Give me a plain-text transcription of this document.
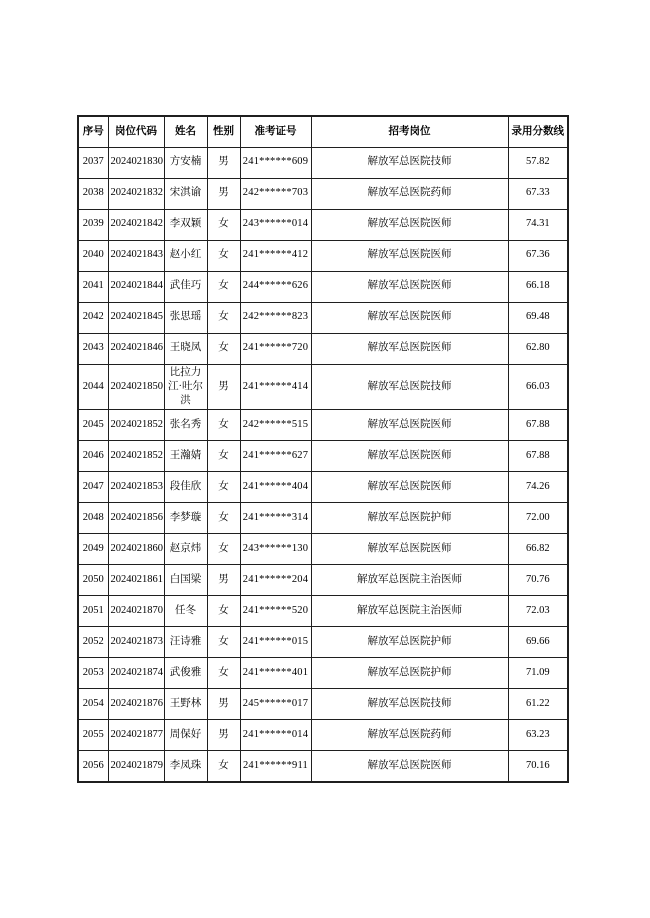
序号	岗位代码	姓名	性别	准考证号	招考岗位	录用分数线
2037	2024021830	方安楠	男	241******609	解放军总医院技师	57.82
2038	2024021832	宋淇谕	男	242******703	解放军总医院药师	67.33
2039	2024021842	李双颖	女	243******014	解放军总医院医师	74.31
2040	2024021843	赵小红	女	241******412	解放军总医院医师	67.36
2041	2024021844	武佳巧	女	244******626	解放军总医院医师	66.18
2042	2024021845	张思瑶	女	242******823	解放军总医院医师	69.48
2043	2024021846	王晓凤	女	241******720	解放军总医院医师	62.80
2044	2024021850	比拉力江·吐尔洪	男	241******414	解放军总医院技师	66.03
2045	2024021852	张名秀	女	242******515	解放军总医院医师	67.88
2046	2024021852	王瀚婧	女	241******627	解放军总医院医师	67.88
2047	2024021853	段佳欣	女	241******404	解放军总医院医师	74.26
2048	2024021856	李梦璇	女	241******314	解放军总医院护师	72.00
2049	2024021860	赵京炜	女	243******130	解放军总医院医师	66.82
2050	2024021861	白国梁	男	241******204	解放军总医院主治医师	70.76
2051	2024021870	任冬	女	241******520	解放军总医院主治医师	72.03
2052	2024021873	汪诗雅	女	241******015	解放军总医院护师	69.66
2053	2024021874	武俊雅	女	241******401	解放军总医院护师	71.09
2054	2024021876	王野林	男	245******017	解放军总医院技师	61.22
2055	2024021877	周保好	男	241******014	解放军总医院药师	63.23
2056	2024021879	李凤珠	女	241******911	解放军总医院医师	70.16
